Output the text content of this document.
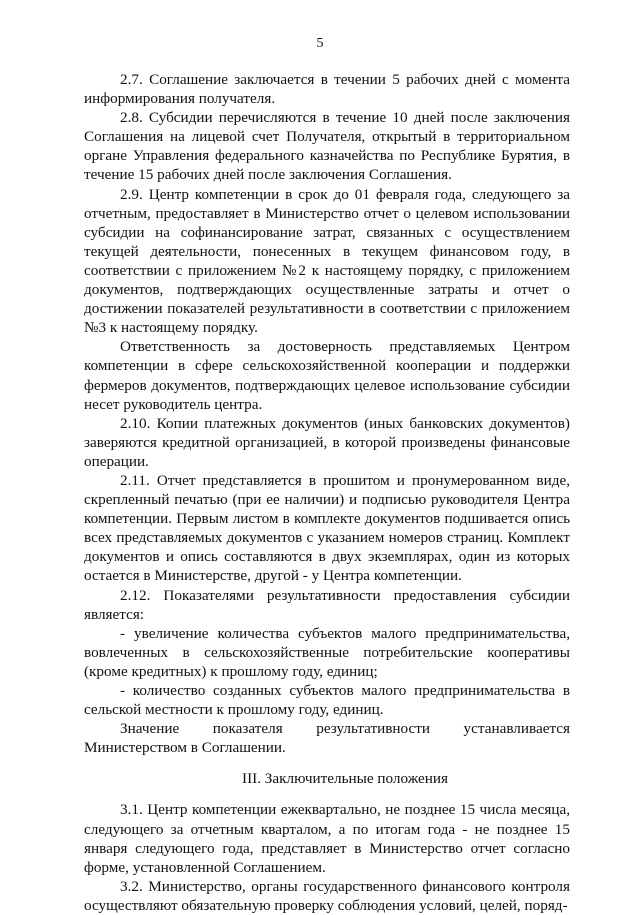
5

2.7. Соглашение заключается в течении 5 рабочих дней с момента информирования получателя.

2.8. Субсидии перечисляются в течение 10 дней после заключения Соглашения на лицевой счет Получателя, открытый в территориальном органе Управления федерального казначейства по Республике Бурятия, в течение 15 рабочих дней после заключения Соглашения.

2.9. Центр компетенции в срок до 01 февраля года, следующего за отчетным, предоставляет в Министерство отчет о целевом использовании субсидии на софинансирование затрат, связанных с осуществлением текущей деятельности, понесенных в текущем финансовом году, в соответствии с приложением №2 к настоящему порядку, с приложением документов, подтверждающих осуществленные затраты и отчет о достижении показателей результативности в соответствии с приложением №3 к настоящему порядку.

Ответственность за достоверность представляемых Центром компетенции в сфере сельскохозяйственной кооперации и поддержки фермеров документов, подтверждающих целевое использование субсидии несет руководитель центра.

2.10. Копии платежных документов (иных банковских документов) заверяются кредитной организацией, в которой произведены финансовые операции.

2.11. Отчет представляется в прошитом и пронумерованном виде, скрепленный печатью (при ее наличии) и подписью руководителя Центра компетенции. Первым листом в комплекте документов подшивается опись всех представляемых документов с указанием номеров страниц. Комплект документов и опись составляются в двух экземплярах, один из которых остается в Министерстве, другой - у Центра компетенции.

2.12. Показателями результативности предоставления субсидии является:

- увеличение количества субъектов малого предпринимательства, вовлеченных в сельскохозяйственные потребительские кооперативы (кроме кредитных) к прошлому году, единиц;

- количество созданных субъектов малого предпринимательства в сельской местности к прошлому году, единиц.

Значение показателя результативности устанавливается Министерством в Соглашении.

III. Заключительные положения

3.1. Центр компетенции ежеквартально, не позднее 15 числа месяца, следующего за отчетным кварталом, а по итогам года - не позднее 15 января следующего года, представляет в Министерство отчет согласно форме, установленной Соглашением.

3.2. Министерство, органы государственного финансового контроля осуществляют обязательную проверку соблюдения условий, целей, поряд-
